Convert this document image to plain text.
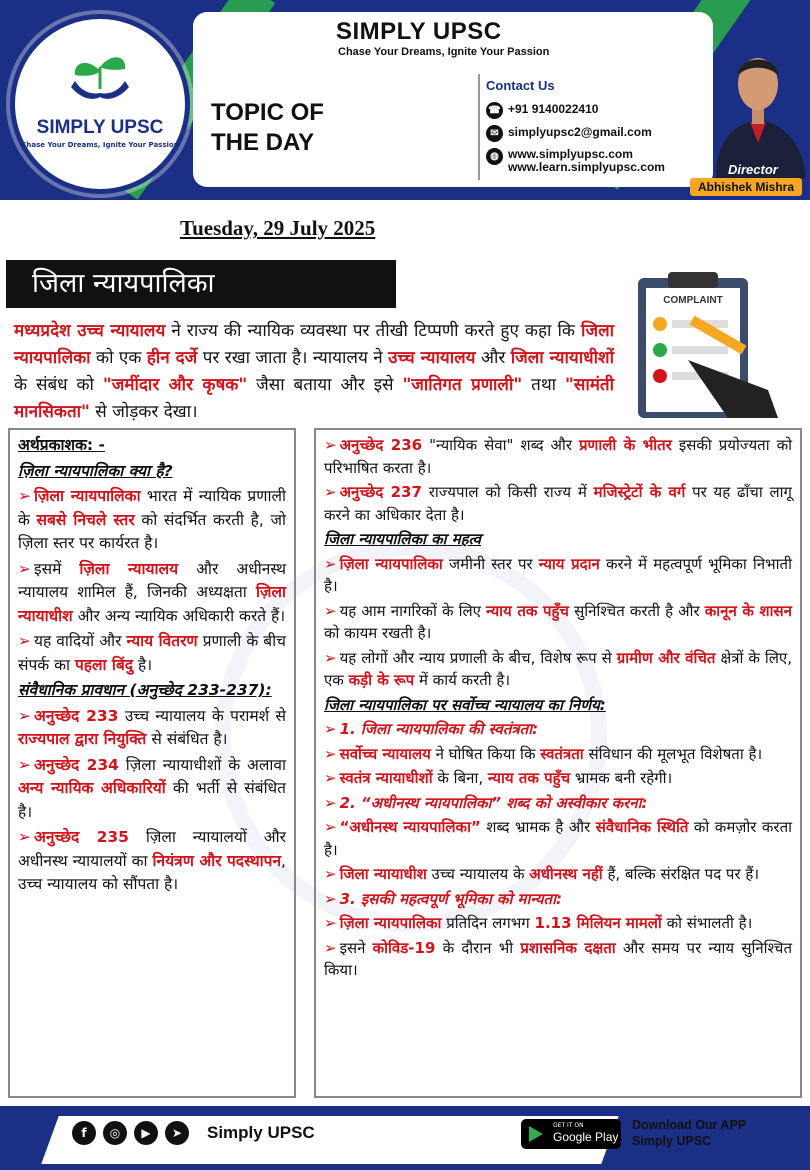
SIMPLY UPSC
Chase Your Dreams, Ignite Your Passion
SIMPLY UPSC
Chase Your Dreams, Ignite Your Passion
TOPIC OF THE DAY
Contact Us
☎ +91 9140022410
✉ simplyupsc2@gmail.com
◍ www.simplyupsc.com
www.learn.simplyupsc.com	Director
Abhishek Mishra
Tuesday, 29 July 2025
जिला न्यायपालिका
मध्यप्रदेश उच्च न्यायालय ने राज्य की न्यायिक व्यवस्था पर तीखी टिप्पणी करते हुए कहा कि जिला न्यायपालिका को एक हीन दर्जे पर रखा जाता है। न्यायालय ने उच्च न्यायालय और जिला न्यायाधीशों के संबंध को "जमींदार और कृषक" जैसा बताया और इसे "जातिगत प्रणाली" तथा "सामंती मानसिकता" से जोड़कर देखा।
COMPLAINT

अर्थप्रकाशक: -

ज़िला न्यायपालिका क्या है?

➢ ज़िला न्यायपालिका भारत में न्यायिक प्रणाली के सबसे निचले स्तर को संदर्भित करती है, जो ज़िला स्तर पर कार्यरत है।

➢ इसमें ज़िला न्यायालय और अधीनस्थ न्यायालय शामिल हैं, जिनकी अध्यक्षता ज़िला न्यायाधीश और अन्य न्यायिक अधिकारी करते हैं।

➢ यह वादियों और न्याय वितरण प्रणाली के बीच संपर्क का पहला बिंदु है।

संवैधानिक प्रावधान (अनुच्छेद 233-237):

➢ अनुच्छेद 233 उच्च न्यायालय के परामर्श से राज्यपाल द्वारा नियुक्ति से संबंधित है।

➢ अनुच्छेद 234 ज़िला न्यायाधीशों के अलावा अन्य न्यायिक अधिकारियों की भर्ती से संबंधित है।

➢ अनुच्छेद 235 ज़िला न्यायालयों और अधीनस्थ न्यायालयों का नियंत्रण और पदस्थापन, उच्च न्यायालय को सौंपता है।

➢ अनुच्छेद 236 "न्यायिक सेवा" शब्द और प्रणाली के भीतर इसकी प्रयोज्यता को परिभाषित करता है।

➢ अनुच्छेद 237 राज्यपाल को किसी राज्य में मजिस्ट्रेटों के वर्ग पर यह ढाँचा लागू करने का अधिकार देता है।

जिला न्यायपालिका का महत्व

➢ ज़िला न्यायपालिका जमीनी स्तर पर न्याय प्रदान करने में महत्वपूर्ण भूमिका निभाती है।

➢ यह आम नागरिकों के लिए न्याय तक पहुँच सुनिश्चित करती है और कानून के शासन को कायम रखती है।

➢ यह लोगों और न्याय प्रणाली के बीच, विशेष रूप से ग्रामीण और वंचित क्षेत्रों के लिए, एक कड़ी के रूप में कार्य करती है।

जिला न्यायपालिका पर सर्वोच्च न्यायालय का निर्णय:

➢ 1. जिला न्यायपालिका की स्वतंत्रता:

➢ सर्वोच्च न्यायालय ने घोषित किया कि स्वतंत्रता संविधान की मूलभूत विशेषता है।

➢ स्वतंत्र न्यायाधीशों के बिना, न्याय तक पहुँच भ्रामक बनी रहेगी।

➢ 2. “अधीनस्थ न्यायपालिका” शब्द को अस्वीकार करना:

➢ “अधीनस्थ न्यायपालिका” शब्द भ्रामक है और संवैधानिक स्थिति को कमज़ोर करता है।

➢ जिला न्यायाधीश उच्च न्यायालय के अधीनस्थ नहीं हैं, बल्कि संरक्षित पद पर हैं।

➢ 3. इसकी महत्वपूर्ण भूमिका को मान्यता:

➢ ज़िला न्यायपालिका प्रतिदिन लगभग 1.13 मिलियन मामलों को संभालती है।

➢ इसने कोविड-19 के दौरान भी प्रशासनिक दक्षता और समय पर न्याय सुनिश्चित किया।

f	◎	▶	➤	Simply UPSC	GET IT ON
Google Play
Download Our APP
Simply UPSC
